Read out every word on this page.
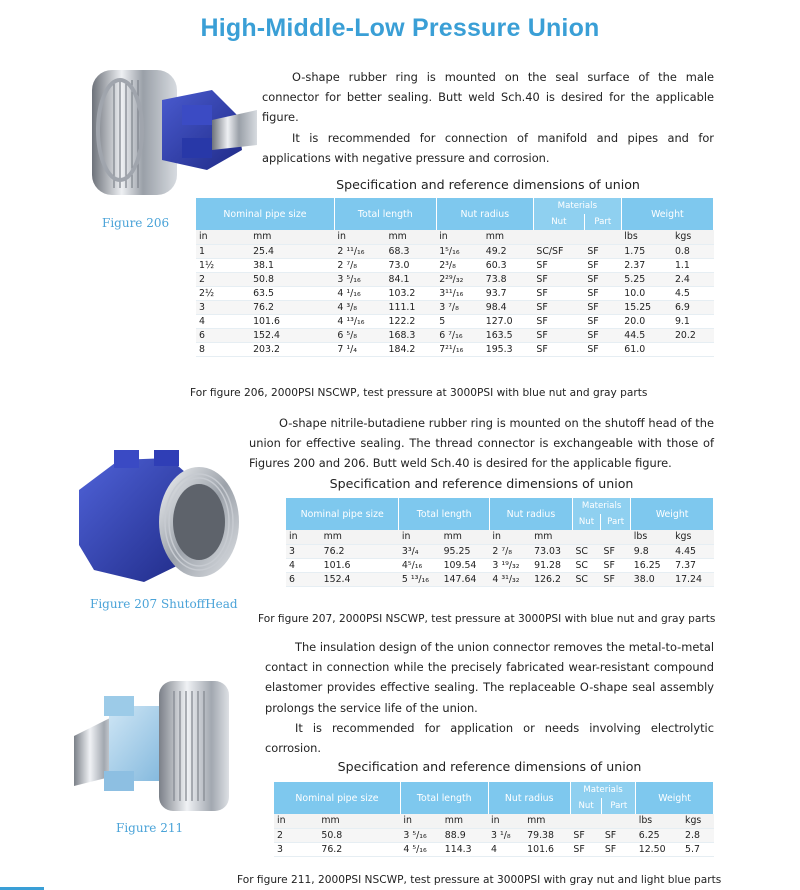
High-Middle-Low Pressure Union
Figure 206

O-shape rubber ring is mounted on the seal surface of the male connector for better sealing. Butt weld Sch.40 is desired for the applicable figure.

It is recommended for connection of manifold and pipes and for applications with negative pressure and corrosion.

Specification and reference dimensions of union
Nominal pipe size		Total length		Nut radius		Materials		Weight	
						Nut	Part		
in	mm	in	mm	in	mm			lbs	kgs
1	25.4	2 ¹¹/₁₆	68.3	1⁵/₁₆	49.2	SC/SF	SF	1.75	0.8
1½	38.1	2 ⁷/₈	73.0	2³/₈	60.3	SF	SF	2.37	1.1
2	50.8	3 ⁵/₁₆	84.1	2²⁹/₃₂	73.8	SF	SF	5.25	2.4
2½	63.5	4 ¹/₁₆	103.2	3¹¹/₁₆	93.7	SF	SF	10.0	4.5
3	76.2	4 ³/₈	111.1	3 ⁷/₈	98.4	SF	SF	15.25	6.9
4	101.6	4 ¹³/₁₆	122.2	5	127.0	SF	SF	20.0	9.1
6	152.4	6 ⁵/₈	168.3	6 ⁷/₁₆	163.5	SF	SF	44.5	20.2
8	203.2	7 ¹/₄	184.2	7²¹/₁₆	195.3	SF	SF	61.0	
For figure 206, 2000PSI NSCWP, test pressure at 3000PSI with blue nut and gray parts
Figure 207 ShutoffHead

O-shape nitrile-butadiene rubber ring is mounted on the shutoff head of the union for effective sealing. The thread connector is exchangeable with those of Figures 200 and 206. Butt weld Sch.40 is desired for the applicable figure.

Specification and reference dimensions of union
Nominal pipe size		Total length		Nut radius		Materials		Weight	
						Nut	Part		
in	mm	in	mm	in	mm			lbs	kgs
3	76.2	3³/₄	95.25	2 ⁷/₈	73.03	SC	SF	9.8	4.45
4	101.6	4⁵/₁₆	109.54	3 ¹⁹/₃₂	91.28	SC	SF	16.25	7.37
6	152.4	5 ¹³/₁₆	147.64	4 ³¹/₃₂	126.2	SC	SF	38.0	17.24
For figure 207, 2000PSI NSCWP, test pressure at 3000PSI with blue nut and gray parts
Figure 211

The insulation design of the union connector removes the metal-to-metal contact in connection while the precisely fabricated wear-resistant compound elastomer provides effective sealing. The replaceable O-shape seal assembly prolongs the service life of the union.

It is recommended for application or needs involving electrolytic corrosion.

Specification and reference dimensions of union
Nominal pipe size		Total length		Nut radius		Materials		Weight	
						Nut	Part		
in	mm	in	mm	in	mm			lbs	kgs
2	50.8	3 ⁵/₁₆	88.9	3 ¹/₈	79.38	SF	SF	6.25	2.8
3	76.2	4 ⁵/₁₆	114.3	4	101.6	SF	SF	12.50	5.7
For figure 211, 2000PSI NSCWP, test pressure at 3000PSI with gray nut and light blue parts
